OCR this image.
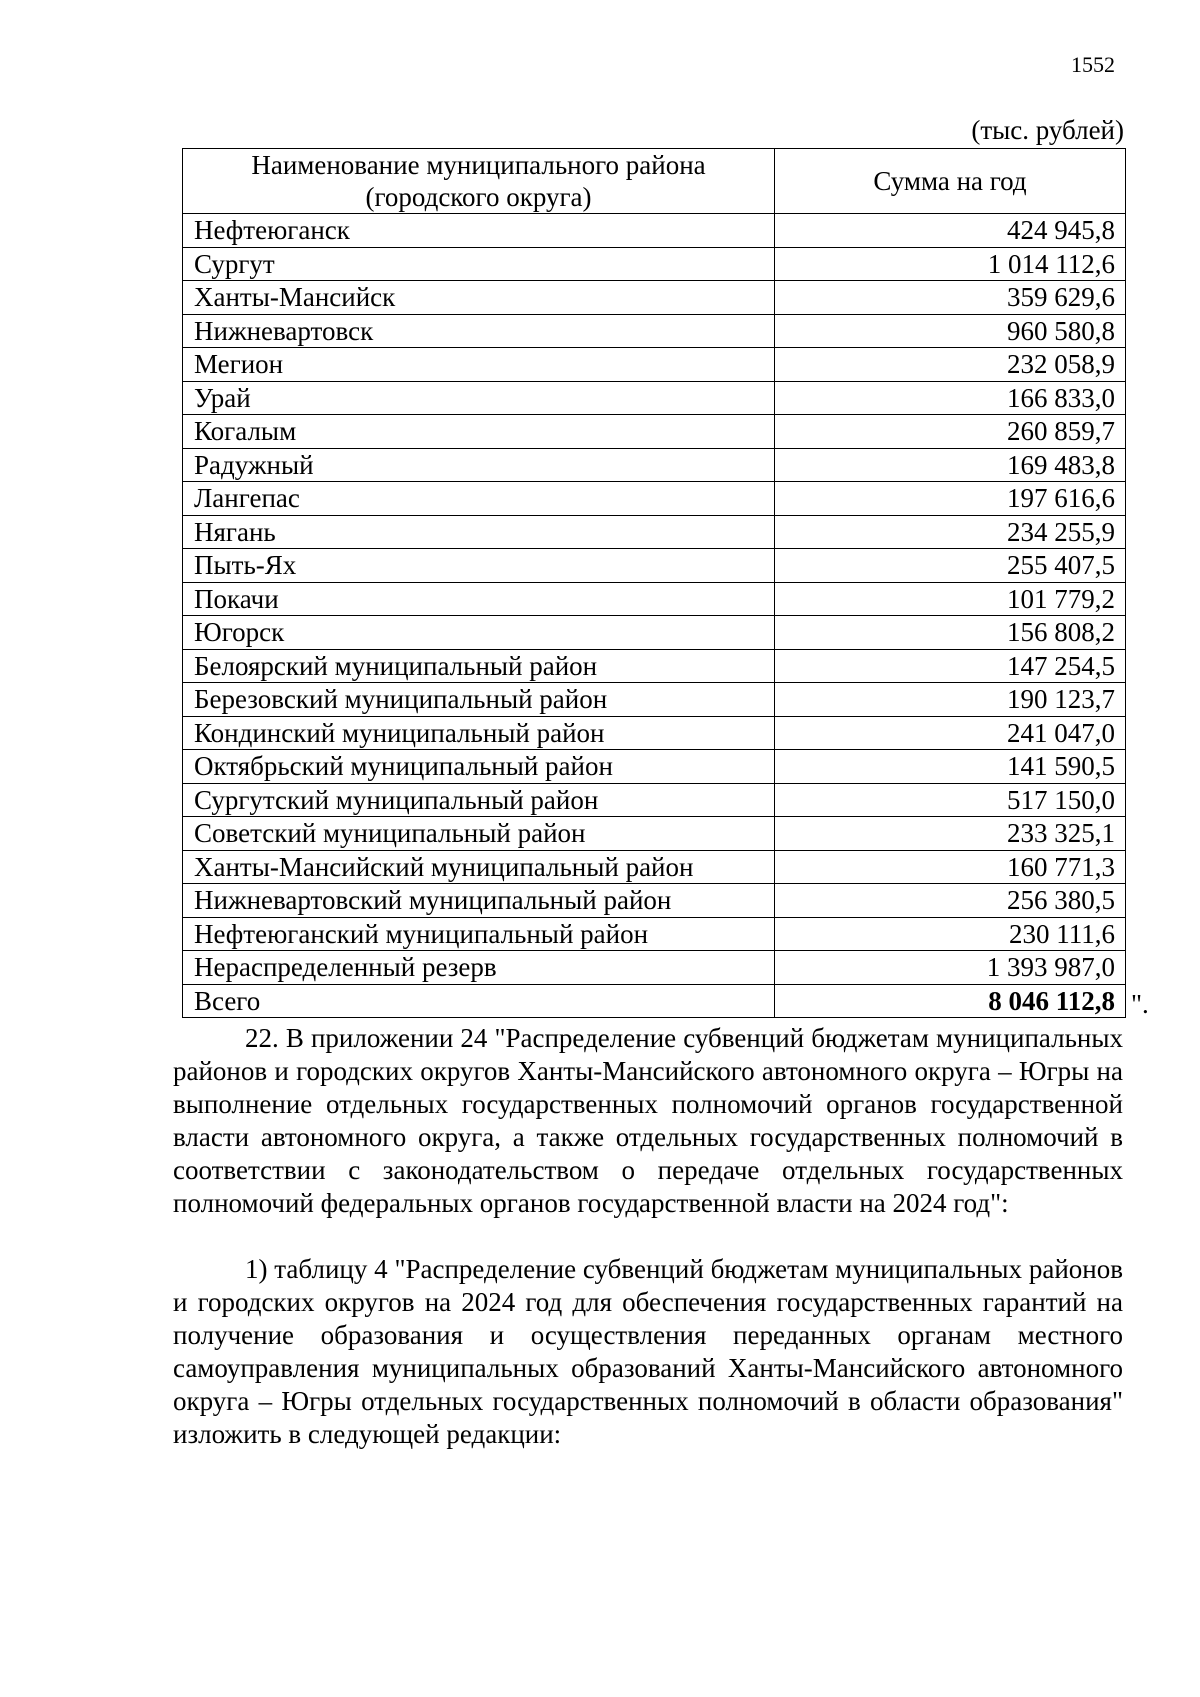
1552
(тыс. рублей)
Наименование муниципального района (городского округа)	Сумма на год
Нефтеюганск	424 945,8
Сургут	1 014 112,6
Ханты-Мансийск	359 629,6
Нижневартовск	960 580,8
Мегион	232 058,9
Урай	166 833,0
Когалым	260 859,7
Радужный	169 483,8
Лангепас	197 616,6
Нягань	234 255,9
Пыть-Ях	255 407,5
Покачи	101 779,2
Югорск	156 808,2
Белоярский муниципальный район	147 254,5
Березовский муниципальный район	190 123,7
Кондинский муниципальный район	241 047,0
Октябрьский муниципальный район	141 590,5
Сургутский муниципальный район	517 150,0
Советский муниципальный район	233 325,1
Ханты-Мансийский муниципальный район	160 771,3
Нижневартовский муниципальный район	256 380,5
Нефтеюганский муниципальный район	230 111,6
Нераспределенный резерв	1 393 987,0
Всего	8 046 112,8 ".

22. В приложении 24 "Распределение субвенций бюджетам муниципальных районов и городских округов Ханты-Мансийского автономного округа – Югры на выполнение отдельных государственных полномочий органов государственной власти автономного округа, а также отдельных государственных полномочий в соответствии с законодательством о передаче отдельных государственных полномочий федеральных органов государственной власти на 2024 год":

1) таблицу 4 "Распределение субвенций бюджетам муниципальных районов и городских округов на 2024 год для обеспечения государственных гарантий на получение образования и осуществления переданных органам местного самоуправления муниципальных образований Ханты-Мансийского автономного округа – Югры отдельных государственных полномочий в области образования" изложить в следующей редакции:
